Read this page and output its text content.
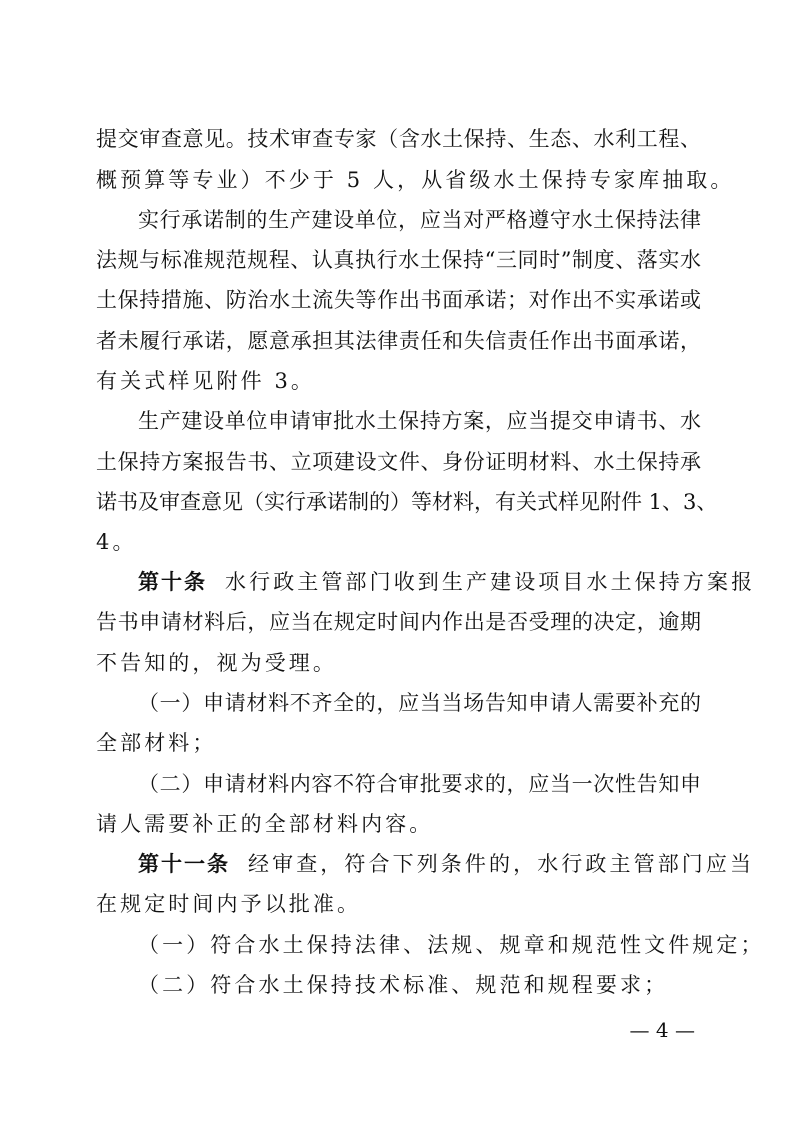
提交审查意见。技术审查专家（含水土保持、生态、水利工程、
概预算等专业）不少于 5 人，从省级水土保持专家库抽取。
实行承诺制的生产建设单位，应当对严格遵守水土保持法律
法规与标准规范规程、认真执行水土保持“三同时”制度、落实水
土保持措施、防治水土流失等作出书面承诺；对作出不实承诺或
者未履行承诺，愿意承担其法律责任和失信责任作出书面承诺，
有关式样见附件 3。
生产建设单位申请审批水土保持方案，应当提交申请书、水
土保持方案报告书、立项建设文件、身份证明材料、水土保持承
诺书及审查意见（实行承诺制的）等材料，有关式样见附件 1、3、
4。
第十条 水行政主管部门收到生产建设项目水土保持方案报
告书申请材料后，应当在规定时间内作出是否受理的决定，逾期
不告知的，视为受理。
（一）申请材料不齐全的，应当当场告知申请人需要补充的
全部材料；
（二）申请材料内容不符合审批要求的，应当一次性告知申
请人需要补正的全部材料内容。
第十一条 经审查，符合下列条件的，水行政主管部门应当
在规定时间内予以批准。
（一）符合水土保持法律、法规、规章和规范性文件规定；
（二）符合水土保持技术标准、规范和规程要求；
— 4 —
